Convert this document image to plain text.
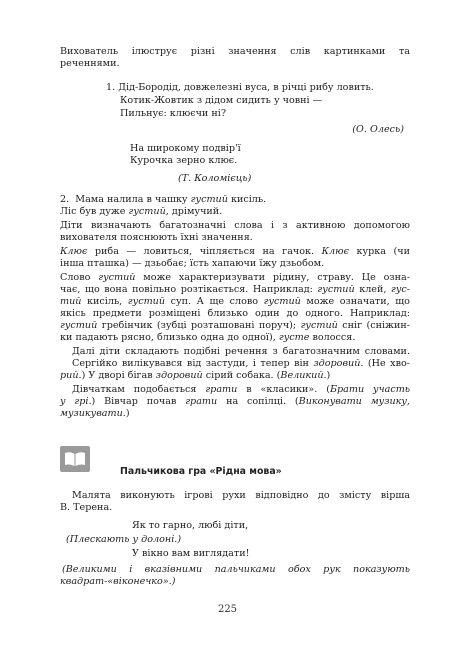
Вихователь ілюструє різні значення слів картинками та
реченнями.
1. Дід-Бородід, довжелезні вуса, в річці рибу ловить.
Котик-Жовтик з дідом сидить у човні —
Пильнує: клюєчи ні?
(О. Олесь)
На широкому подвір'ї
Курочка зерно клює.
(Т. Коломієць)
2. Мама налила в чашку густий кисіль.
Ліс був дуже густий, дрімучий.
Діти визначають багатозначні слова і з активною допомогою
вихователя пояснюють їхні значення.
Клює риба — ловиться, чіпляється на гачок. Клює курка (чи
інша пташка) — дзьобає; їсть хапаючи їжу дзьобом.
Слово густий може характеризувати рідину, страву. Це озна-
чає, що вона повільно розтікається. Наприклад: густий клей, гус-
тий кисіль, густий суп. А ще слово густий може означати, що
якісь предмети розміщені близько один до одного. Наприклад:
густий гребінчик (зубці розташовані поруч); густий сніг (сніжин-
ки падають рясно, близько одна до одної), густе волосся.
Далі діти складають подібні речення з багатозначним словами.
Сергійко вилікувався від застуди, і тепер він здоровий. (Не хво-
рий.) У дворі бігав здоровий сірий собака. (Великий.)
Дівчаткам подобається грати в «класики». (Брати участь
у грі.) Вівчар почав грати на сопілці. (Виконувати музику,
музикувати.)
Пальчикова гра «Рідна мова»
Малята виконують ігрові рухи відповідно до змісту вірша
В. Терена.
Як то гарно, любі діти,
(Плескають у долоні.)
У вікно вам виглядати!
(Великими і вказівними пальчиками обох рук показують
квадрат-«віконечко».)
225
